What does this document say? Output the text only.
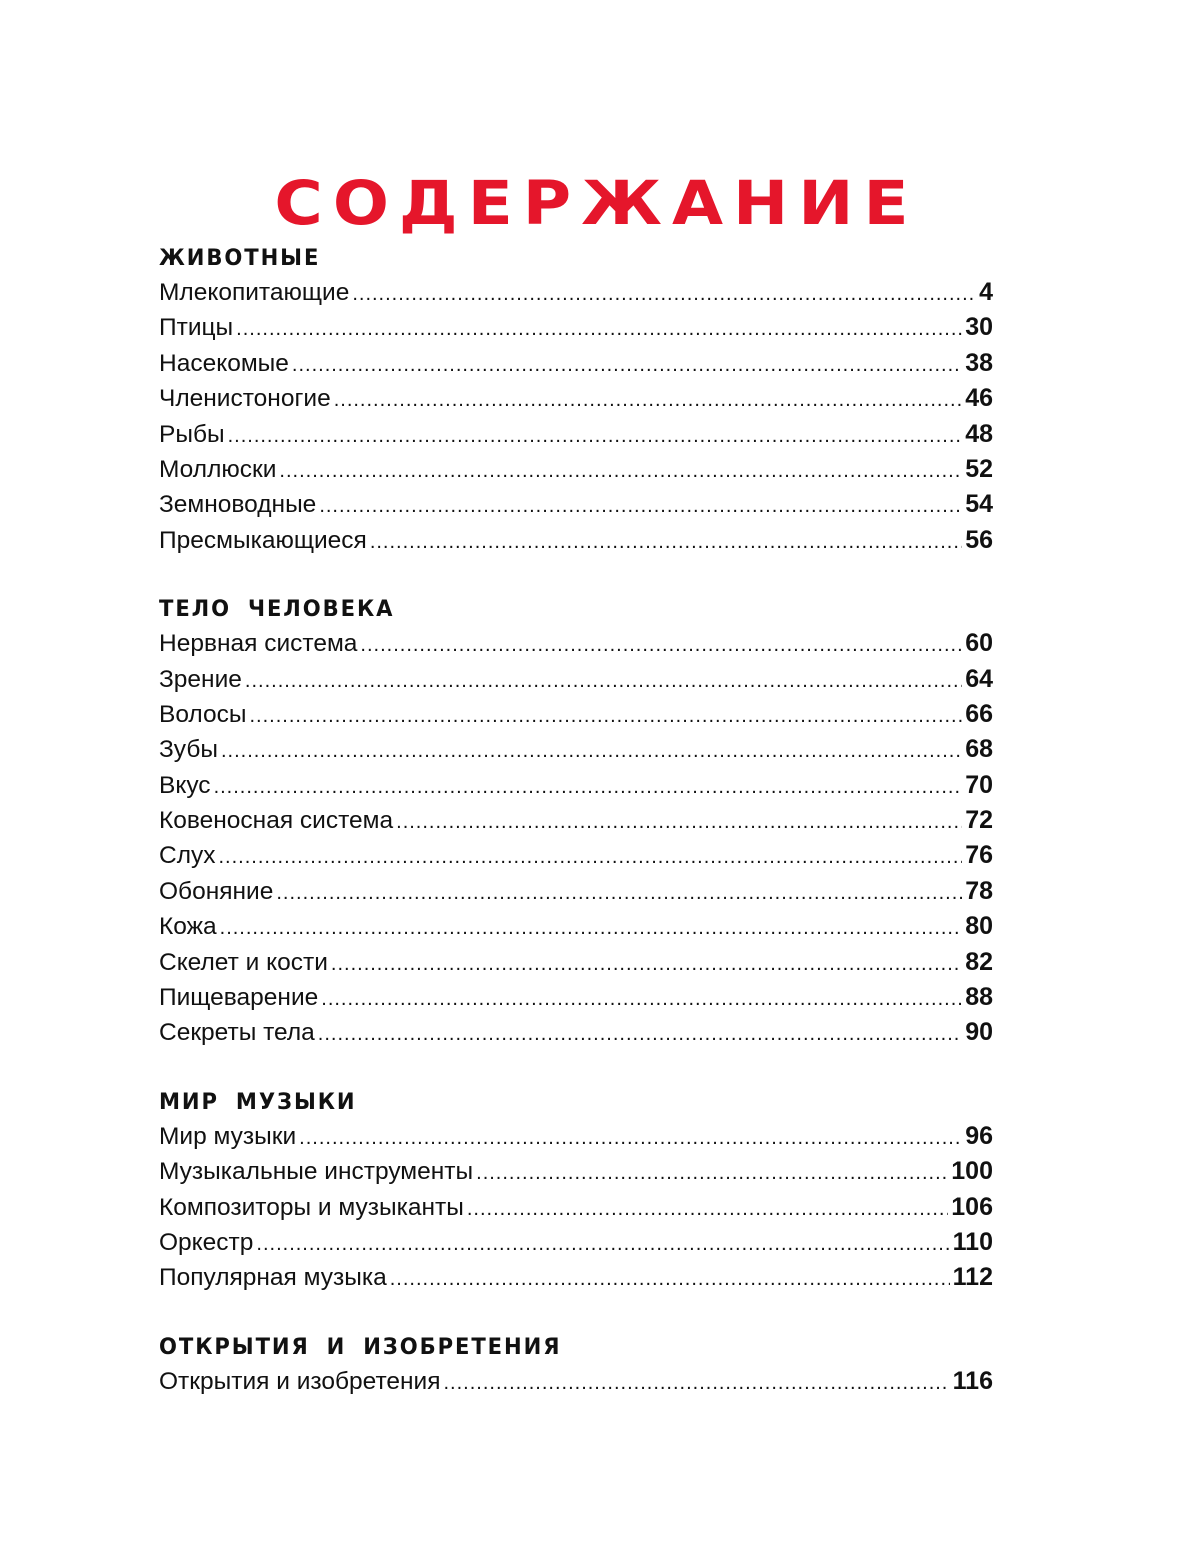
СОДЕРЖАНИЕ
ЖИВОТНЫЕ
Млекопитающие .....	4
Птицы .....	30
Насекомые .....	38
Членистоногие .....	46
Рыбы .....	48
Моллюски .....	52
Земноводные .....	54
Пресмыкающиеся .....	56
ТЕЛО ЧЕЛОВЕКА
Нервная система .....	60
Зрение .....	64
Волосы .....	66
Зубы .....	68
Вкус .....	70
Ковеносная система .....	72
Слух .....	76
Обоняние .....	78
Кожа .....	80
Скелет и кости .....	82
Пищеварение .....	88
Секреты тела .....	90
МИР МУЗЫКИ
Мир музыки .....	96
Музыкальные инструменты .....	100
Композиторы и музыканты .....	106
Оркестр .....	110
Популярная музыка .....	112
ОТКРЫТИЯ И ИЗОБРЕТЕНИЯ
Открытия и изобретения .....	116
